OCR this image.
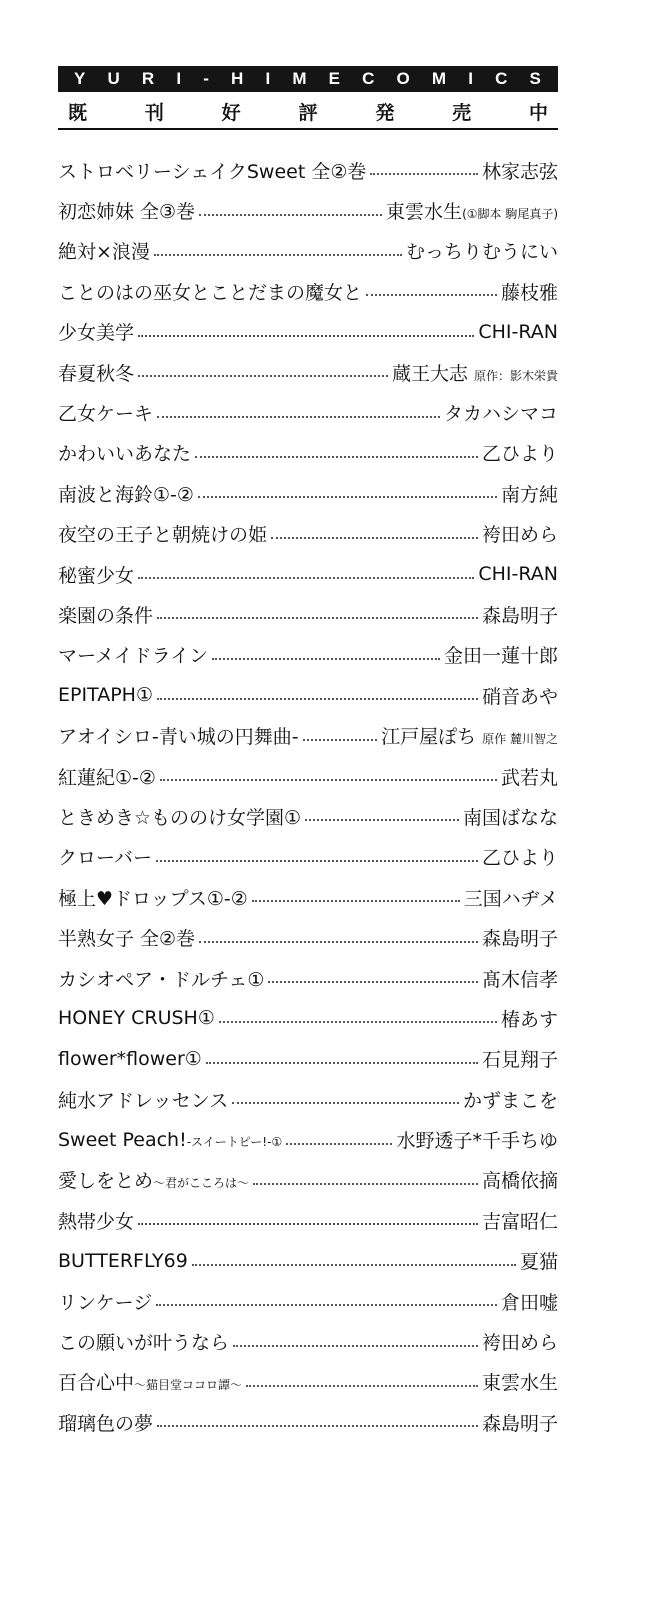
Y U R I - H I M E C O M I C S
既	刊	好	評	発	売	中
ストロベリーシェイクSweet 全②巻	林家志弦
初恋姉妹 全③巻	東雲水生(①脚本 駒尾真子)
絶対×浪漫	むっちりむうにい
ことのはの巫女とことだまの魔女と	藤枝雅
少女美学	CHI-RAN
春夏秋冬	蔵王大志 原作：影木栄貴
乙女ケーキ	タカハシマコ
かわいいあなた	乙ひより
南波と海鈴①-②	南方純
夜空の王子と朝焼けの姫	袴田めら
秘蜜少女	CHI-RAN
楽園の条件	森島明子
マーメイドライン	金田一蓮十郎
EPITAPH①	硝音あや
アオイシロ-青い城の円舞曲-	江戸屋ぽち 原作 麓川智之
紅蓮紀①-②	武若丸
ときめき☆もののけ女学園①	南国ばなな
クローバー	乙ひより
極上♥ドロップス①-②	三国ハヂメ
半熟女子 全②巻	森島明子
カシオペア・ドルチェ①	髙木信孝
HONEY CRUSH①	椿あす
flower*flower①	石見翔子
純水アドレッセンス	かずまこを
Sweet Peach!-スイートピー!-①	水野透子*千手ちゆ
愛しをとめ～君がこころは～	高橋依摘
熱帯少女	吉富昭仁
BUTTERFLY69	夏猫
リンケージ	倉田嘘
この願いが叶うなら	袴田めら
百合心中～猫目堂ココロ譚～	東雲水生
瑠璃色の夢	森島明子
